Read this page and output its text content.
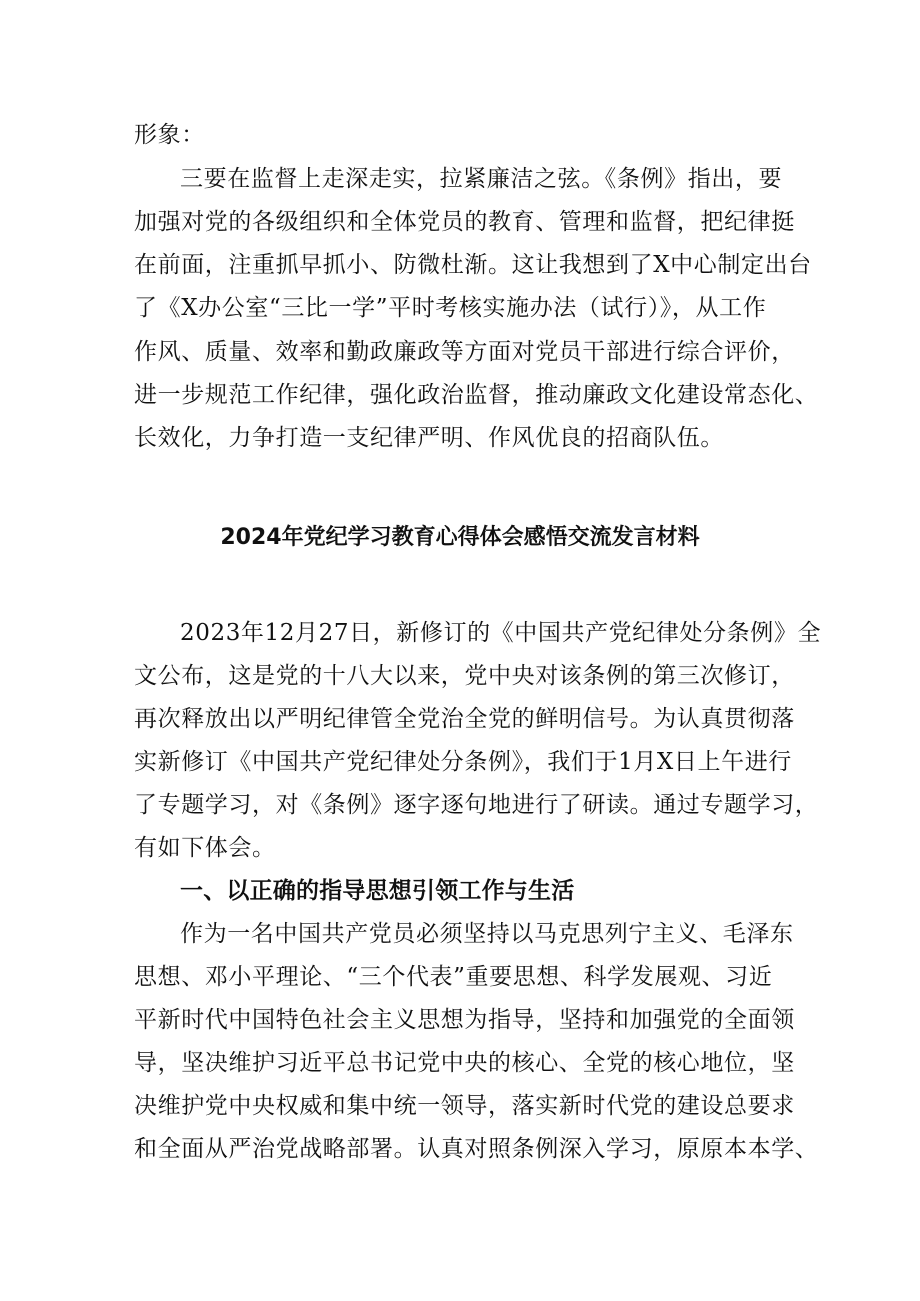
形象：
三要在监督上走深走实，拉紧廉洁之弦。《条例》指出，要
加强对党的各级组织和全体党员的教育、管理和监督，把纪律挺
在前面，注重抓早抓小、防微杜渐。这让我想到了X中心制定出台
了《X办公室“三比一学”平时考核实施办法（试行）》，从工作
作风、质量、效率和勤政廉政等方面对党员干部进行综合评价，
进一步规范工作纪律，强化政治监督，推动廉政文化建设常态化、
长效化，力争打造一支纪律严明、作风优良的招商队伍。
2024年党纪学习教育心得体会感悟交流发言材料
2023年12月27日，新修订的《中国共产党纪律处分条例》全
文公布，这是党的十八大以来，党中央对该条例的第三次修订，
再次释放出以严明纪律管全党治全党的鲜明信号。为认真贯彻落
实新修订《中国共产党纪律处分条例》，我们于1月X日上午进行
了专题学习，对《条例》逐字逐句地进行了研读。通过专题学习，
有如下体会。
一、以正确的指导思想引领工作与生活
作为一名中国共产党员必须坚持以马克思列宁主义、毛泽东
思想、邓小平理论、“三个代表”重要思想、科学发展观、习近
平新时代中国特色社会主义思想为指导，坚持和加强党的全面领
导，坚决维护习近平总书记党中央的核心、全党的核心地位，坚
决维护党中央权威和集中统一领导，落实新时代党的建设总要求
和全面从严治党战略部署。认真对照条例深入学习，原原本本学、
